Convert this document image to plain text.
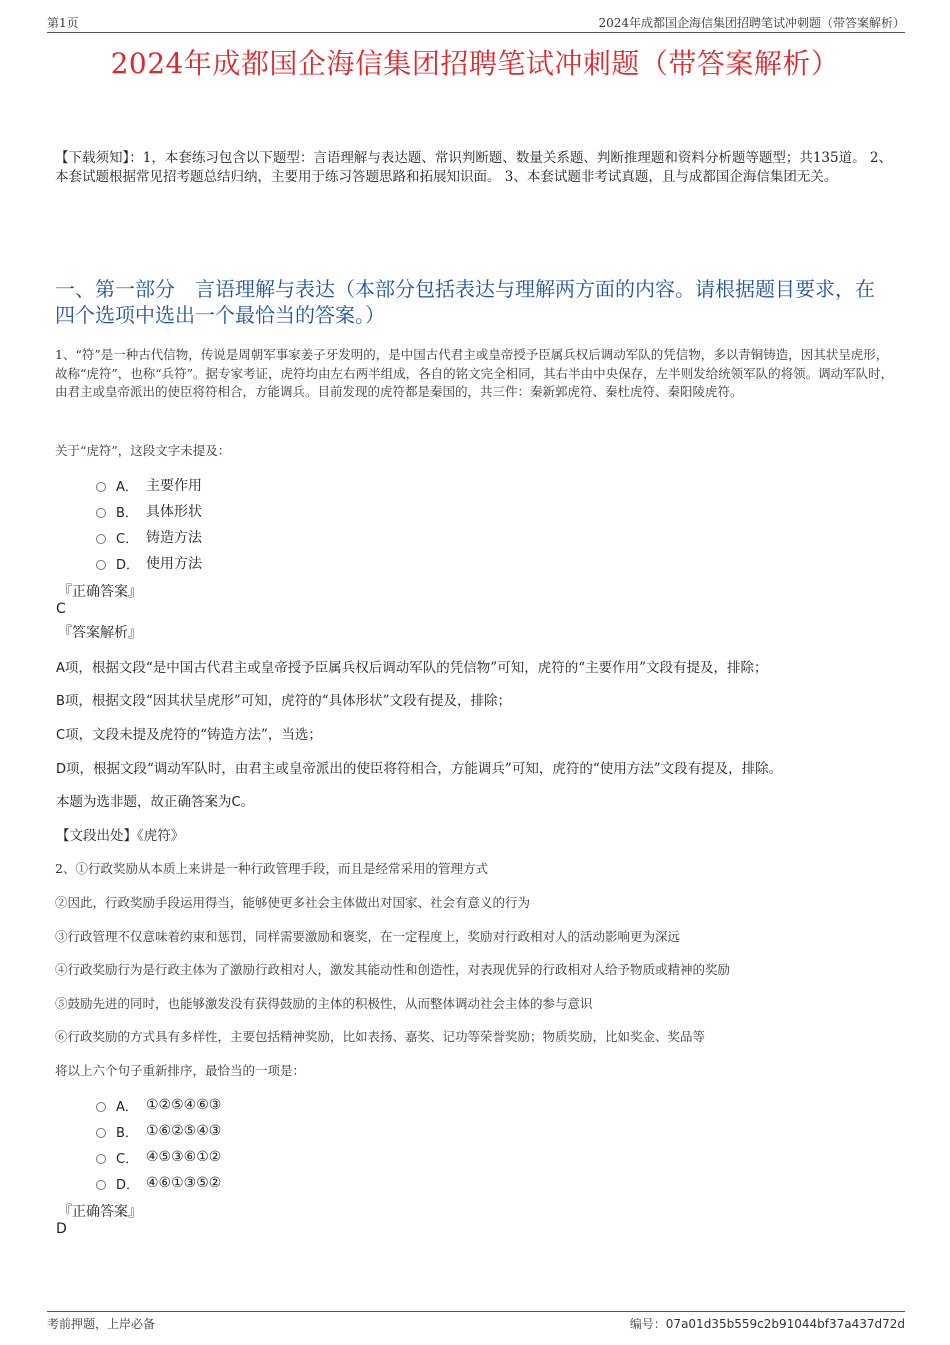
第1页	2024年成都国企海信集团招聘笔试冲刺题（带答案解析）
2024年成都国企海信集团招聘笔试冲刺题（带答案解析）
【下载须知】：1，本套练习包含以下题型：言语理解与表达题、常识判断题、数量关系题、判断推理题和资料分析题等题型；共135道。 2、本套试题根据常见招考题总结归纳，主要用于练习答题思路和拓展知识面。 3、本套试题非考试真题，且与成都国企海信集团无关。
一、第一部分　言语理解与表达（本部分包括表达与理解两方面的内容。请根据题目要求，在四个选项中选出一个最恰当的答案。）
1、“符”是一种古代信物，传说是周朝军事家姜子牙发明的，是中国古代君主或皇帝授予臣属兵权后调动军队的凭信物，多以青铜铸造，因其状呈虎形，故称“虎符”，也称“兵符”。据专家考证，虎符均由左右两半组成，各自的铭文完全相同，其右半由中央保存，左半则发给统领军队的将领。调动军队时，由君主或皇帝派出的使臣将符相合，方能调兵。目前发现的虎符都是秦国的，共三件：秦新郭虎符、秦杜虎符、秦阳陵虎符。
关于“虎符”，这段文字未提及：
A． 主要作用
B． 具体形状
C． 铸造方法
D． 使用方法
『正确答案』
C
『答案解析』
A项，根据文段“是中国古代君主或皇帝授予臣属兵权后调动军队的凭信物”可知，虎符的“主要作用”文段有提及，排除；
B项，根据文段“因其状呈虎形”可知，虎符的“具体形状”文段有提及，排除；
C项，文段未提及虎符的“铸造方法”，当选；
D项，根据文段“调动军队时，由君主或皇帝派出的使臣将符相合，方能调兵”可知，虎符的“使用方法”文段有提及，排除。
本题为选非题，故正确答案为C。
【文段出处】《虎符》
2、①行政奖励从本质上来讲是一种行政管理手段，而且是经常采用的管理方式
②因此，行政奖励手段运用得当，能够使更多社会主体做出对国家、社会有意义的行为
③行政管理不仅意味着约束和惩罚，同样需要激励和褒奖，在一定程度上，奖励对行政相对人的活动影响更为深远
④行政奖励行为是行政主体为了激励行政相对人，激发其能动性和创造性，对表现优异的行政相对人给予物质或精神的奖励
⑤鼓励先进的同时，也能够激发没有获得鼓励的主体的积极性，从而整体调动社会主体的参与意识
⑥行政奖励的方式具有多样性，主要包括精神奖励，比如表扬、嘉奖、记功等荣誉奖励；物质奖励，比如奖金、奖品等
将以上六个句子重新排序，最恰当的一项是：
A． ①②⑤④⑥③
B． ①⑥②⑤④③
C． ④⑤③⑥①②
D． ④⑥①③⑤②
『正确答案』
D
考前押题，上岸必备	编号：07a01d35b559c2b91044bf37a437d72d
